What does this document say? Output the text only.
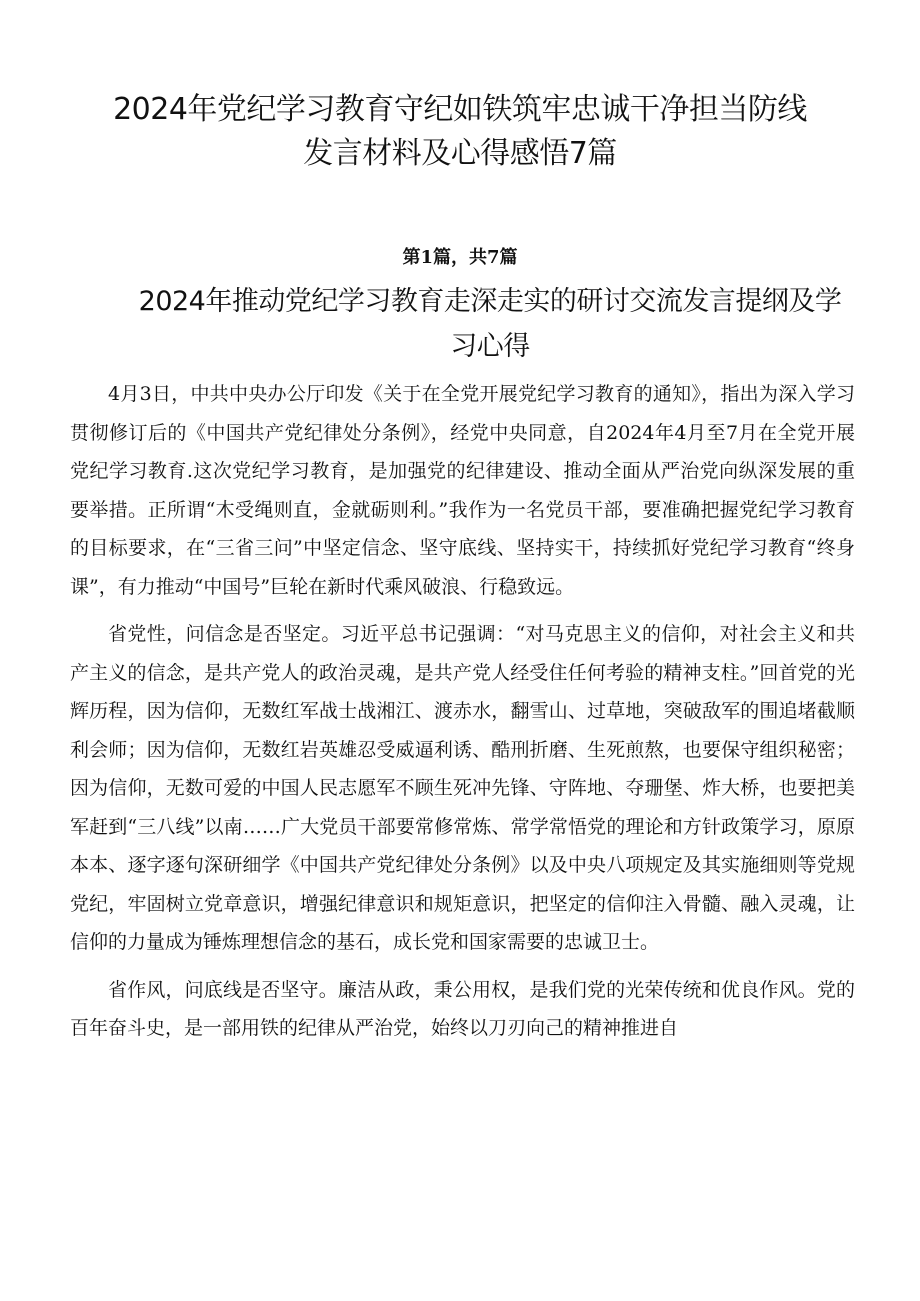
2024年党纪学习教育守纪如铁筑牢忠诚干净担当防线
发言材料及心得感悟7篇
第1篇，共7篇
2024年推动党纪学习教育走深走实的研讨交流发言提纲及学
习心得

4月3日，中共中央办公厅印发《关于在全党开展党纪学习教育的通知》，指出为深入学习贯彻修订后的《中国共产党纪律处分条例》，经党中央同意，自2024年4月至7月在全党开展党纪学习教育.这次党纪学习教育，是加强党的纪律建设、推动全面从严治党向纵深发展的重要举措。正所谓“木受绳则直，金就砺则利。”我作为一名党员干部，要准确把握党纪学习教育的目标要求，在“三省三问”中坚定信念、坚守底线、坚持实干，持续抓好党纪学习教育“终身课”，有力推动“中国号”巨轮在新时代乘风破浪、行稳致远。

省党性，问信念是否坚定。习近平总书记强调：“对马克思主义的信仰，对社会主义和共产主义的信念，是共产党人的政治灵魂，是共产党人经受住任何考验的精神支柱。”回首党的光辉历程，因为信仰，无数红军战士战湘江、渡赤水，翻雪山、过草地，突破敌军的围追堵截顺利会师；因为信仰，无数红岩英雄忍受威逼利诱、酷刑折磨、生死煎熬，也要保守组织秘密；因为信仰，无数可爱的中国人民志愿军不顾生死冲先锋、守阵地、夺珊堡、炸大桥，也要把美军赶到“三八线”以南……广大党员干部要常修常炼、常学常悟党的理论和方针政策学习，原原本本、逐字逐句深研细学《中国共产党纪律处分条例》以及中央八项规定及其实施细则等党规党纪，牢固树立党章意识，增强纪律意识和规矩意识，把坚定的信仰注入骨髓、融入灵魂，让信仰的力量成为锤炼理想信念的基石，成长党和国家需要的忠诚卫士。

省作风，问底线是否坚守。廉洁从政，秉公用权，是我们党的光荣传统和优良作风。党的百年奋斗史，是一部用铁的纪律从严治党，始终以刀刃向己的精神推进自
